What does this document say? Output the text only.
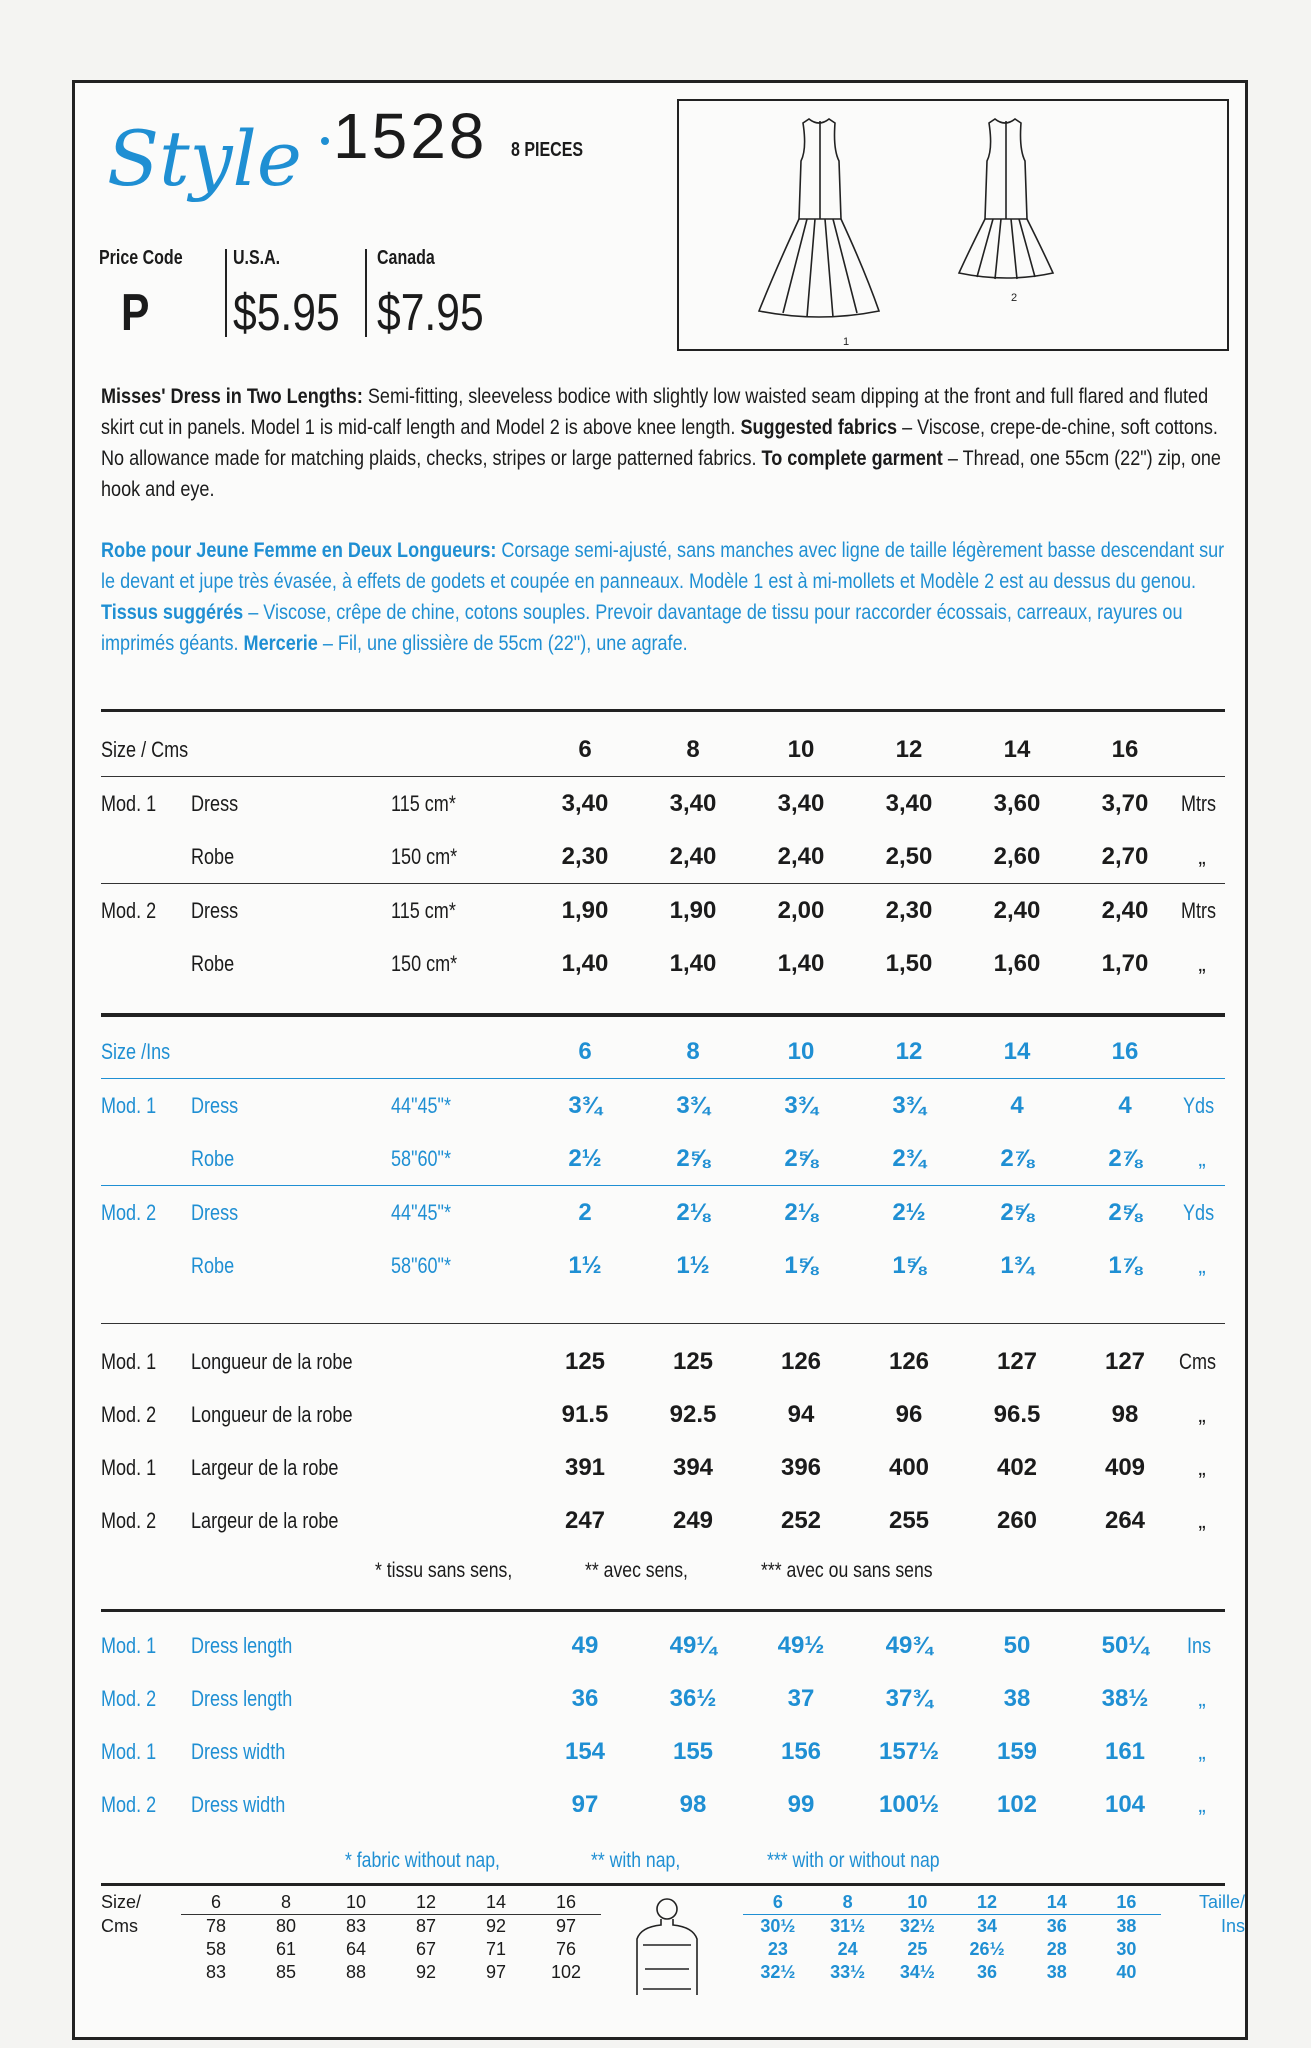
Style 1528 8 PIECES
Price Code
P
U.S.A.
$5.95
Canada
$7.95	1
2
Misses' Dress in Two Lengths: Semi-fitting, sleeveless bodice with slightly low waisted seam dipping at the front and full flared and fluted skirt cut in panels. Model 1 is mid-calf length and Model 2 is above knee length. Suggested fabrics – Viscose, crepe-de-chine, soft cottons. No allowance made for matching plaids, checks, stripes or large patterned fabrics. To complete garment – Thread, one 55cm (22") zip, one hook and eye.
Robe pour Jeune Femme en Deux Longueurs: Corsage semi-ajusté, sans manches avec ligne de taille légèrement basse descendant sur le devant et jupe très évasée, à effets de godets et coupée en panneaux. Modèle 1 est à mi-mollets et Modèle 2 est au dessus du genou. Tissus suggérés – Viscose, crêpe de chine, cotons souples. Prevoir davantage de tissu pour raccorder écossais, carreaux, rayures ou imprimés géants. Mercerie – Fil, une glissière de 55cm (22"), une agrafe.
Size / Cms			6	8	10	12	14	16	
Mod. 1	Dress	115 cm*	3,40	3,40	3,40	3,40	3,60	3,70	Mtrs
	Robe	150 cm*	2,30	2,40	2,40	2,50	2,60	2,70	„
Mod. 2	Dress	115 cm*	1,90	1,90	2,00	2,30	2,40	2,40	Mtrs
	Robe	150 cm*	1,40	1,40	1,40	1,50	1,60	1,70	„
Size /Ins			6	8	10	12	14	16	
Mod. 1	Dress	44"45"*	3¾	3¾	3¾	3¾	4	4	Yds
	Robe	58"60"*	2½	2⅝	2⅝	2¾	2⅞	2⅞	„
Mod. 2	Dress	44"45"*	2	2⅛	2⅛	2½	2⅝	2⅝	Yds
	Robe	58"60"*	1½	1½	1⅝	1⅝	1¾	1⅞	„
Mod. 1	Longueur de la robe	125	125	126	126	127	127	Cms
Mod. 2	Longueur de la robe	91.5	92.5	94	96	96.5	98	„
Mod. 1	Largeur de la robe	391	394	396	400	402	409	„
Mod. 2	Largeur de la robe	247	249	252	255	260	264	„
* tissu sans sens,	** avec sens,	*** avec ou sans sens
Mod. 1	Dress length	49	49¼	49½	49¾	50	50¼	Ins
Mod. 2	Dress length	36	36½	37	37¾	38	38½	„
Mod. 1	Dress width	154	155	156	157½	159	161	„
Mod. 2	Dress width	97	98	99	100½	102	104	„
* fabric without nap,	** with nap,	*** with or without nap
Size/	6	8	10	12	14	16
Cms	78	80	83	87	92	97
	58	61	64	67	71	76
	83	85	88	92	97	102
6	8	10	12	14	16	Taille/
30½	31½	32½	34	36	38	Ins
23	24	25	26½	28	30	
32½	33½	34½	36	38	40	
